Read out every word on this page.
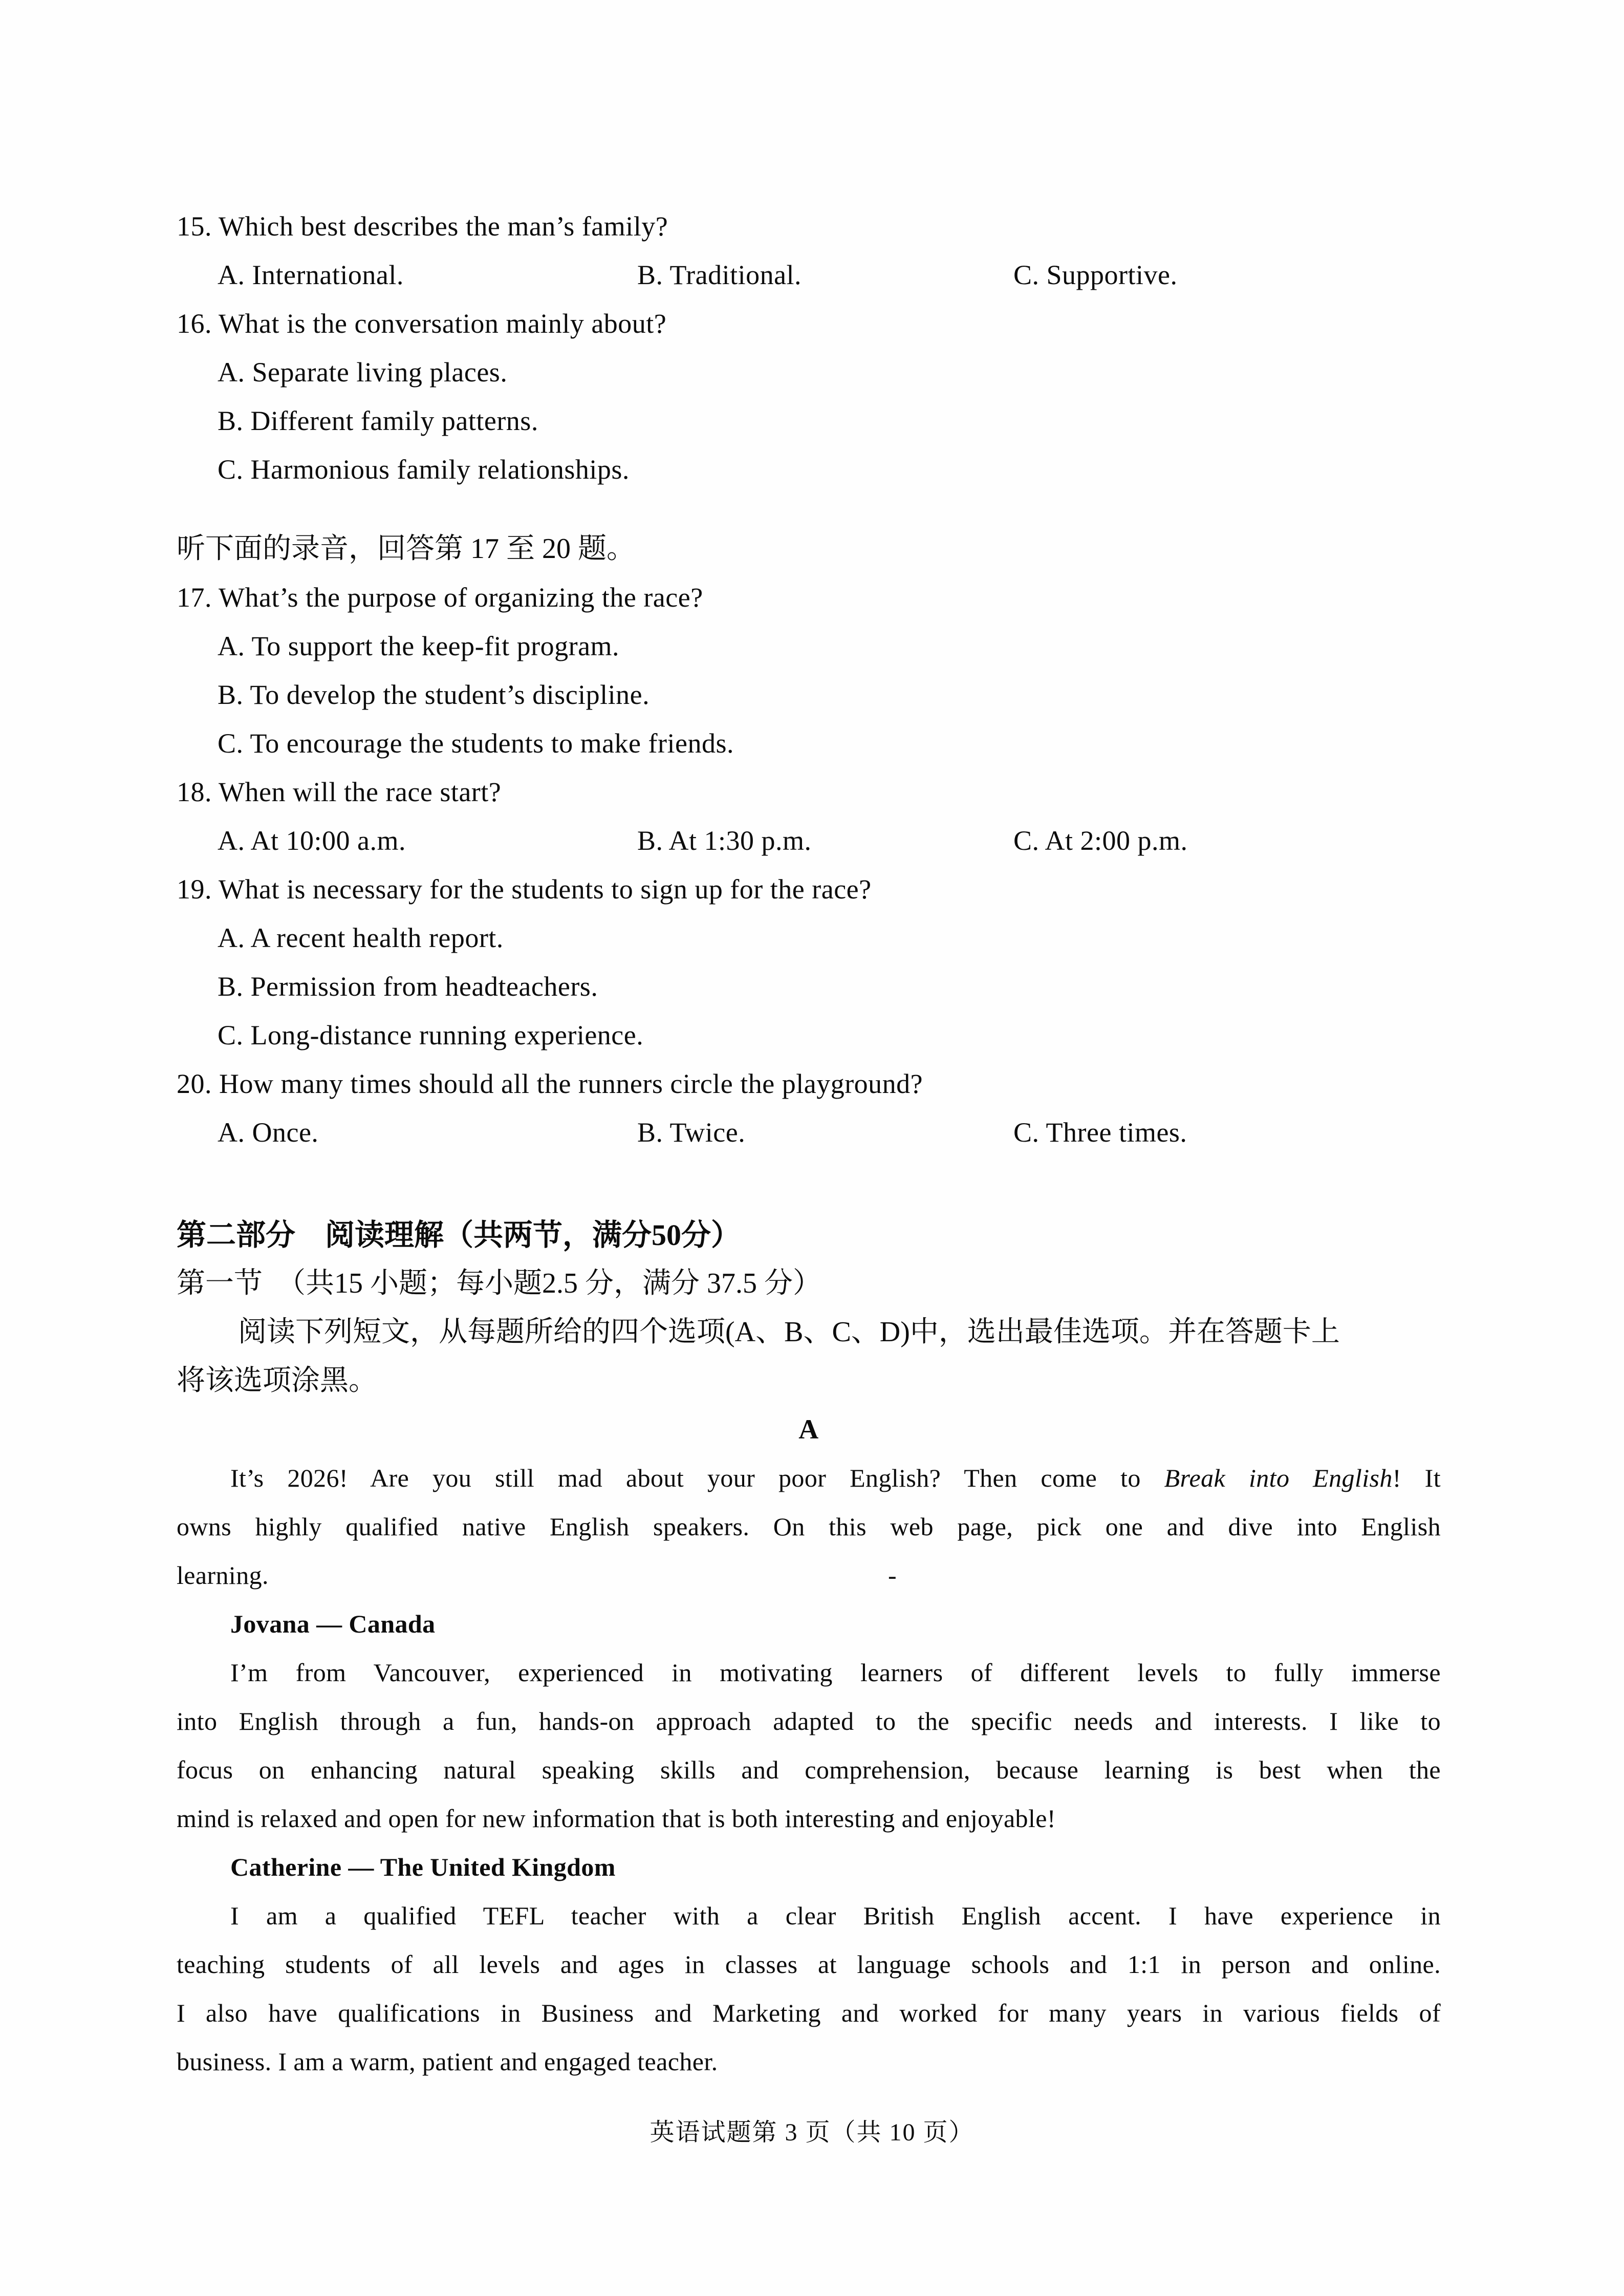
15. Which best describes the man’s family?
A. International.	B. Traditional.	C. Supportive.
16. What is the conversation mainly about?
A. Separate living places.
B. Different family patterns.
C. Harmonious family relationships.
听下面的录音，回答第 17 至 20 题。
17. What’s the purpose of organizing the race?
A. To support the keep-fit program.
B. To develop the student’s discipline.
C. To encourage the students to make friends.
18. When will the race start?
A. At 10:00 a.m.	B. At 1:30 p.m.	C. At 2:00 p.m.
19. What is necessary for the students to sign up for the race?
A. A recent health report.
B. Permission from headteachers.
C. Long-distance running experience.
20. How many times should all the runners circle the playground?
A. Once.	B. Twice.	C. Three times.
第二部分　阅读理解（共两节，满分50分）
第一节　（共15 小题；每小题2.5 分，满分 37.5 分）
阅读下列短文，从每题所给的四个选项(A、B、C、D)中，选出最佳选项。并在答题卡上
将该选项涂黑。
A
It’s 2026! Are you still mad about your poor English? Then come to Break into English! It
owns highly qualified native English speakers. On this web page, pick one and dive into English
learning.	-
Jovana — Canada
I’m from Vancouver, experienced in motivating learners of different levels to fully immerse
into English through a fun, hands-on approach adapted to the specific needs and interests. I like to
focus on enhancing natural speaking skills and comprehension, because learning is best when the
mind is relaxed and open for new information that is both interesting and enjoyable!
Catherine — The United Kingdom
I am a qualified TEFL teacher with a clear British English accent. I have experience in
teaching students of all levels and ages in classes at language schools and 1:1 in person and online.
I also have qualifications in Business and Marketing and worked for many years in various fields of
business. I am a warm, patient and engaged teacher.
英语试题第 3 页（共 10 页）
